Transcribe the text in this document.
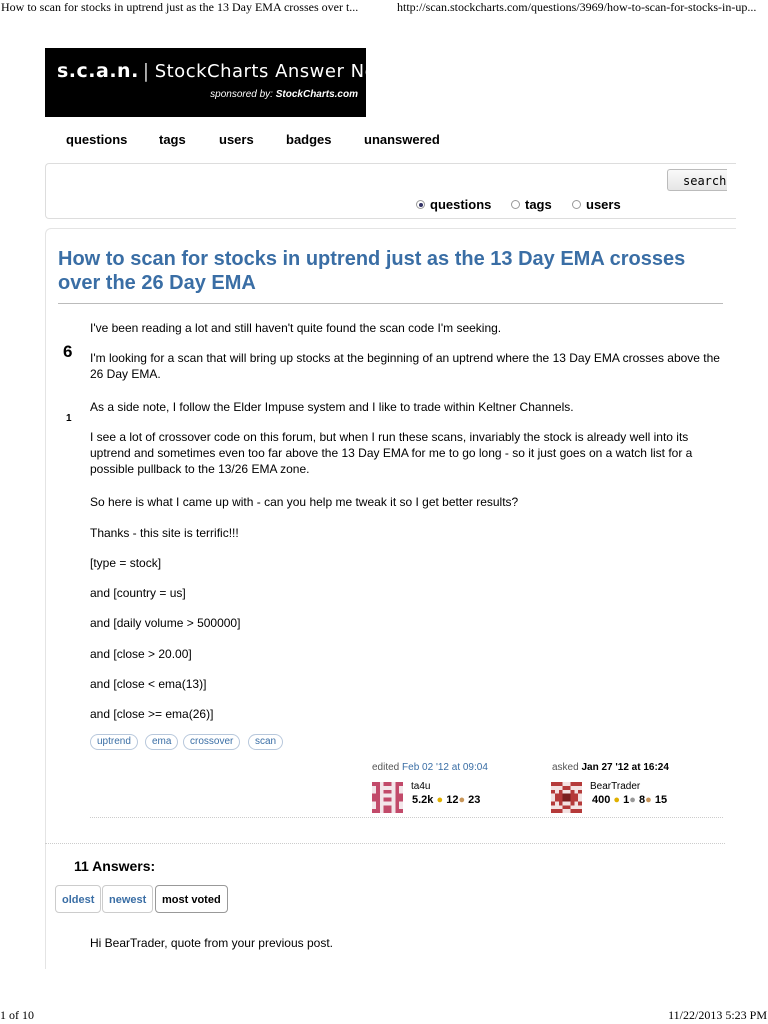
How to scan for stocks in uptrend just as the 13 Day EMA crosses over t...	http://scan.stockcharts.com/questions/3969/how-to-scan-for-stocks-in-up...
s.c.a.n. | StockCharts Answer Network
sponsored by: StockCharts.com
questions tags	users badges unanswered
search
questions	tags	users
How to scan for stocks in uptrend just as the 13 Day EMA crosses over the 26 Day EMA
6
1

I've been reading a lot and still haven't quite found the scan code I'm seeking.

I'm looking for a scan that will bring up stocks at the beginning of an uptrend where the 13 Day EMA crosses above the 26 Day EMA.

As a side note, I follow the Elder Impuse system and I like to trade within Keltner Channels.

I see a lot of crossover code on this forum, but when I run these scans, invariably the stock is already well into its uptrend and sometimes even too far above the 13 Day EMA for me to go long - so it just goes on a watch list for a possible pullback to the 13/26 EMA zone.

So here is what I came up with - can you help me tweak it so I get better results?

Thanks - this site is terrific!!!

[type = stock]

and [country = us]

and [daily volume > 500000]

and [close > 20.00]

and [close < ema(13)]

and [close >= ema(26)]

uptrend	ema	crossover	scan
edited Feb 02 '12 at 09:04
ta4u
5.2k ● 12● 23
asked Jan 27 '12 at 16:24
BearTrader
400 ● 1● 8● 15
11 Answers:
oldest	newest	most voted
Hi BearTrader, quote from your previous post.
1 of 10	11/22/2013 5:23 PM
